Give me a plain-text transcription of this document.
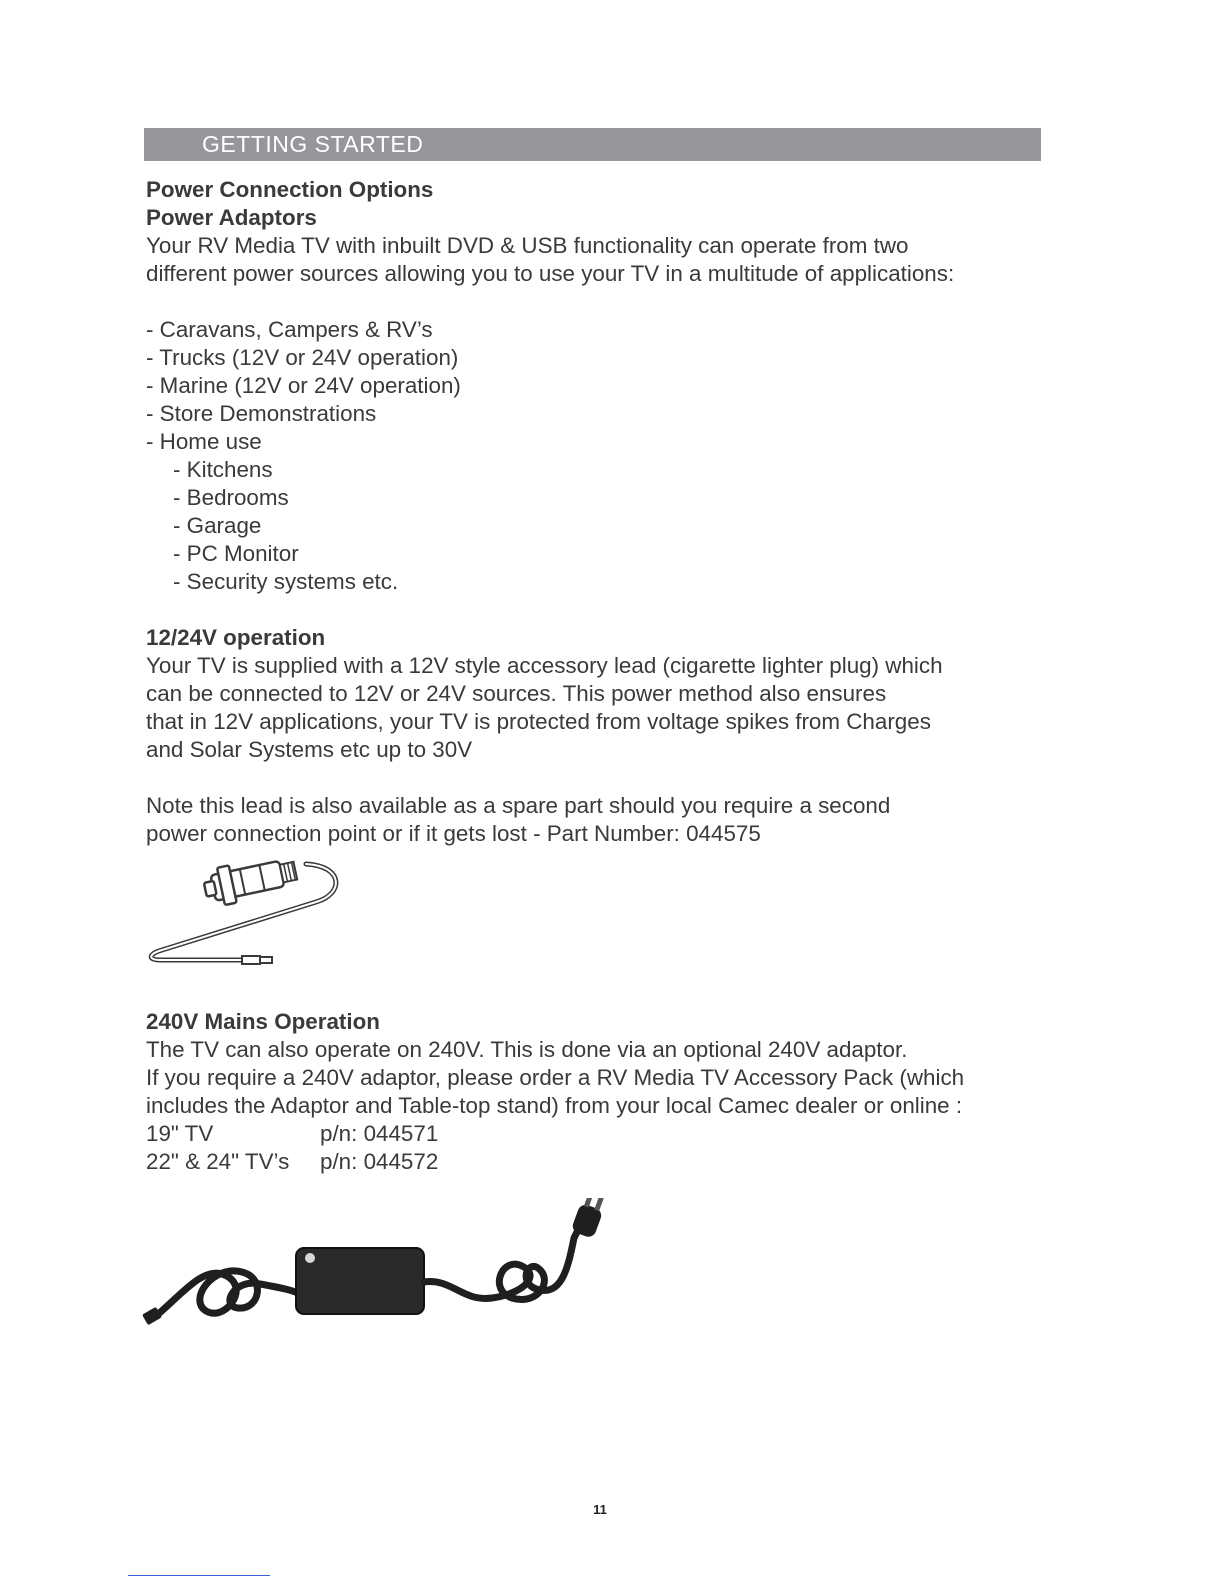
GETTING STARTED

Power Connection Options

Power Adaptors

Your RV Media TV with inbuilt DVD & USB functionality can operate from two

different power sources allowing you to use your TV in a multitude of applications:

- Caravans, Campers & RV’s

- Trucks (12V or 24V operation)

- Marine (12V or 24V operation)

- Store Demonstrations

- Home use

- Kitchens

- Bedrooms

- Garage

- PC Monitor

- Security systems etc.

12/24V operation

Your TV is supplied with a 12V style accessory lead (cigarette lighter plug) which

can be connected to 12V or 24V sources. This power method also ensures

that in 12V applications, your TV is protected from voltage spikes from Charges

and Solar Systems etc up to 30V

Note this lead is also available as a spare part should you require a second

power connection point or if it gets lost - Part Number: 044575

240V Mains Operation

The TV can also operate on 240V. This is done via an optional 240V adaptor.

If you require a 240V adaptor, please order a RV Media TV Accessory Pack (which

includes the Adaptor and Table-top stand) from your local Camec dealer or online :

19" TV	p/n: 044571

22" & 24" TV’s p/n: 044572

11
